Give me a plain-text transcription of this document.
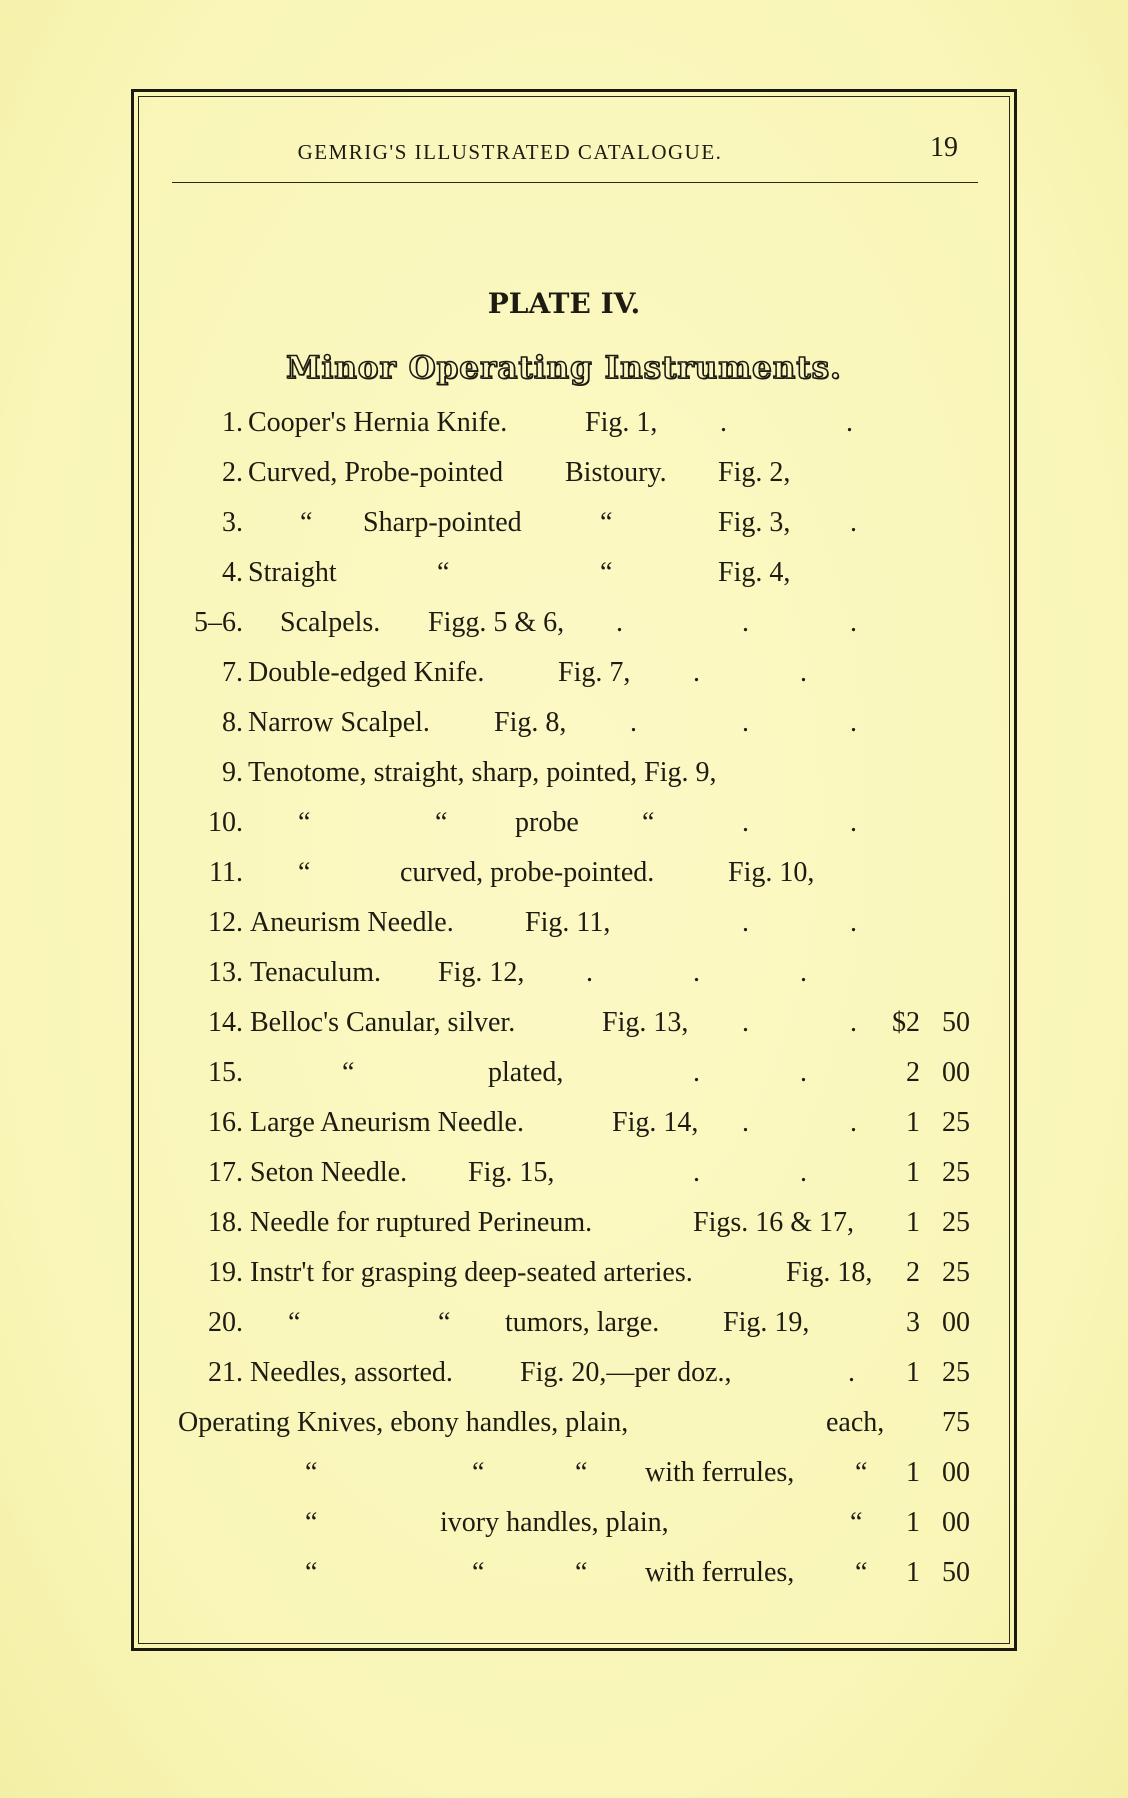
GEMRIG'S ILLUSTRATED CATALOGUE.	19
PLATE IV.
Minor Operating Instruments.
1. Cooper's Hernia Knife.	Fig. 1, .	.
2. Curved, Probe-pointed Bistoury. Fig. 2,
3. “ Sharp-pointed	“	Fig. 3, .
4. Straight	“	“	Fig. 4,
5–6. Scalpels. Figg. 5 & 6, .	.	.
7. Double-edged Knife.	Fig. 7, .	.
8. Narrow Scalpel. Fig. 8, .	.	.
9. Tenotome, straight, sharp, pointed, Fig. 9,
10. “	“ probe “	.	.
11. “	curved, probe-pointed.	Fig. 10,
12. Aneurism Needle.	Fig. 11,	.	.
13. Tenaculum. Fig. 12, .	.	.
14. Belloc's Canular, silver.	Fig. 13, .	. $2 50
15.	“	plated,	.	.	2 00
16. Large Aneurism Needle.	Fig. 14, .	. 1 25
17. Seton Needle. Fig. 15,	.	.	1 25
18. Needle for ruptured Perineum.	Figs. 16 & 17, 1 25
19. Instr't for grasping deep-seated arteries.	Fig. 18, 2 25
20. “	“ tumors, large. Fig. 19,	3 00
21. Needles, assorted. Fig. 20,—per doz.,	. 1 25
Operating Knives, ebony handles, plain,	each, 75
“	“	“ with ferrules, “ 1 00
“	ivory handles, plain,	“ 1 00
“	“	“ with ferrules, “ 1 50
